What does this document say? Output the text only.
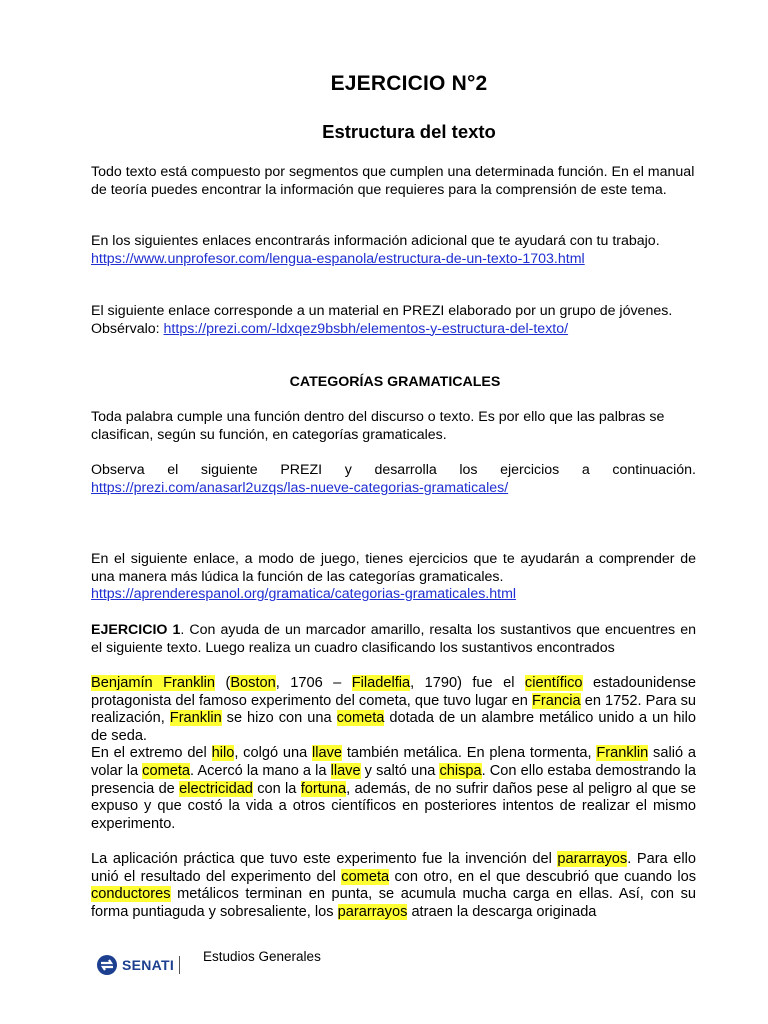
EJERCICIO N°2
Estructura del texto
Todo texto está compuesto por segmentos que cumplen una determinada función. En el manual de teoría puedes encontrar la información que requieres para la comprensión de este tema.
En los siguientes enlaces encontrarás información adicional que te ayudará con tu trabajo.
https://www.unprofesor.com/lengua-espanola/estructura-de-un-texto-1703.html
El siguiente enlace corresponde a un material en PREZI elaborado por un grupo de jóvenes. Obsérvalo: https://prezi.com/-ldxqez9bsbh/elementos-y-estructura-del-texto/
CATEGORÍAS GRAMATICALES
Toda palabra cumple una función dentro del discurso o texto. Es por ello que las palbras se clasifican, según su función, en categorías gramaticales.
Observa el siguiente PREZI y desarrolla los ejercicios a continuación.
https://prezi.com/anasarl2uzqs/las-nueve-categorias-gramaticales/
En el siguiente enlace, a modo de juego, tienes ejercicios que te ayudarán a comprender de una manera más lúdica la función de las categorías gramaticales.
https://aprenderespanol.org/gramatica/categorias-gramaticales.html
EJERCICIO 1. Con ayuda de un marcador amarillo, resalta los sustantivos que encuentres en el siguiente texto. Luego realiza un cuadro clasificando los sustantivos encontrados
Benjamín Franklin (Boston, 1706 – Filadelfia, 1790) fue el científico estadounidense protagonista del famoso experimento del cometa, que tuvo lugar en Francia en 1752. Para su realización, Franklin se hizo con una cometa dotada de un alambre metálico unido a un hilo de seda.
En el extremo del hilo, colgó una llave también metálica. En plena tormenta, Franklin salió a volar la cometa. Acercó la mano a la llave y saltó una chispa. Con ello estaba demostrando la presencia de electricidad con la fortuna, además, de no sufrir daños pese al peligro al que se expuso y que costó la vida a otros científicos en posteriores intentos de realizar el mismo experimento.
La aplicación práctica que tuvo este experimento fue la invención del pararrayos. Para ello unió el resultado del experimento del cometa con otro, en el que descubrió que cuando los conductores metálicos terminan en punta, se acumula mucha carga en ellas. Así, con su forma puntiaguda y sobresaliente, los pararrayos atraen la descarga originada
SENATI
Estudios Generales
